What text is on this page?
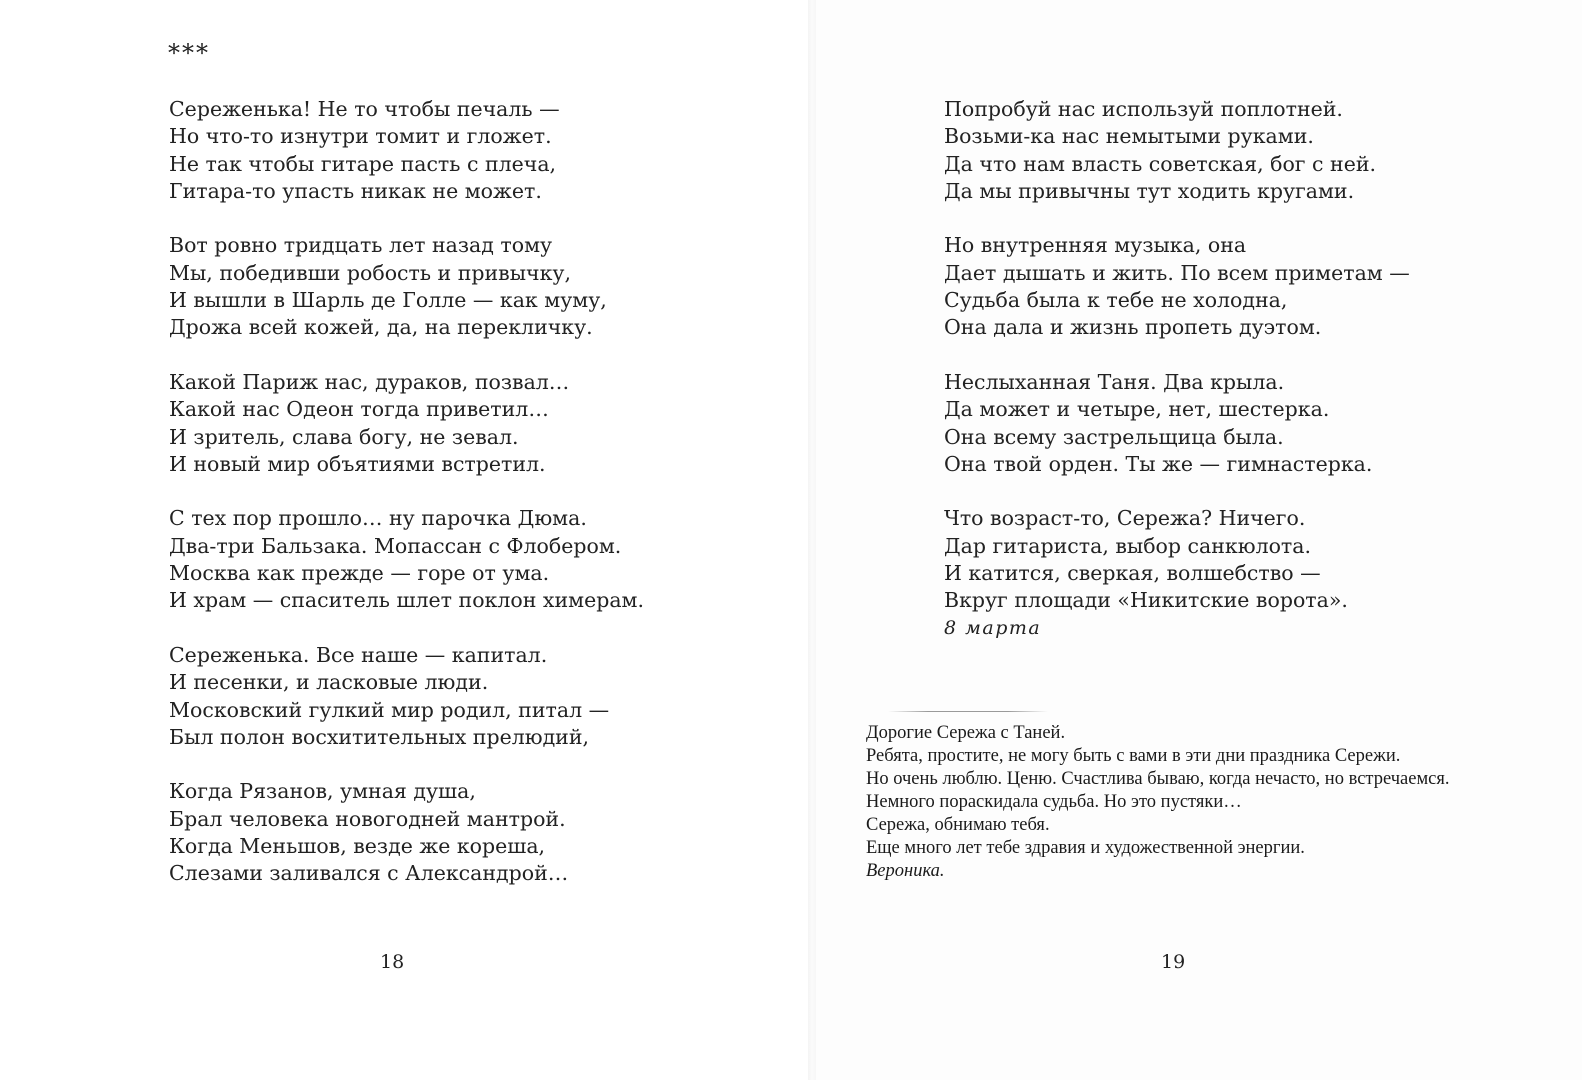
***
Сереженька! Не то чтобы печаль —
Но что-то изнутри томит и гложет.
Не так чтобы гитаре пасть с плеча,
Гитара-то упасть никак не может.
Вот ровно тридцать лет назад тому
Мы, победивши робость и привычку,
И вышли в Шарль де Голле — как муму,
Дрожа всей кожей, да, на перекличку.
Какой Париж нас, дураков, позвал…
Какой нас Одеон тогда приветил…
И зритель, слава богу, не зевал.
И новый мир объятиями встретил.
С тех пор прошло… ну парочка Дюма.
Два-три Бальзака. Мопассан с Флобером.
Москва как прежде — горе от ума.
И храм — спаситель шлет поклон химерам.
Сереженька. Все наше — капитал.
И песенки, и ласковые люди.
Московский гулкий мир родил, питал —
Был полон восхитительных прелюдий,
Когда Рязанов, умная душа,
Брал человека новогодней мантрой.
Когда Меньшов, везде же кореша,
Слезами заливался с Александрой…
18
Попробуй нас используй поплотней.
Возьми-ка нас немытыми руками.
Да что нам власть советская, бог с ней.
Да мы привычны тут ходить кругами.
Но внутренняя музыка, она
Дает дышать и жить. По всем приметам —
Судьба была к тебе не холодна,
Она дала и жизнь пропеть дуэтом.
Неслыханная Таня. Два крыла.
Да может и четыре, нет, шестерка.
Она всему застрельщица была.
Она твой орден. Ты же — гимнастерка.
Что возраст-то, Сережа? Ничего.
Дар гитариста, выбор санкюлота.
И катится, сверкая, волшебство —
Вкруг площади «Никитские ворота».
8 марта
Дорогие Сережа с Таней.
Ребята, простите, не могу быть с вами в эти дни праздника Сережи.
Но очень люблю. Ценю. Счастлива бываю, когда нечасто, но встречаемся.
Немного пораскидала судьба. Но это пустяки…
Сережа, обнимаю тебя.
Еще много лет тебе здравия и художественной энергии.
Вероника.
19
